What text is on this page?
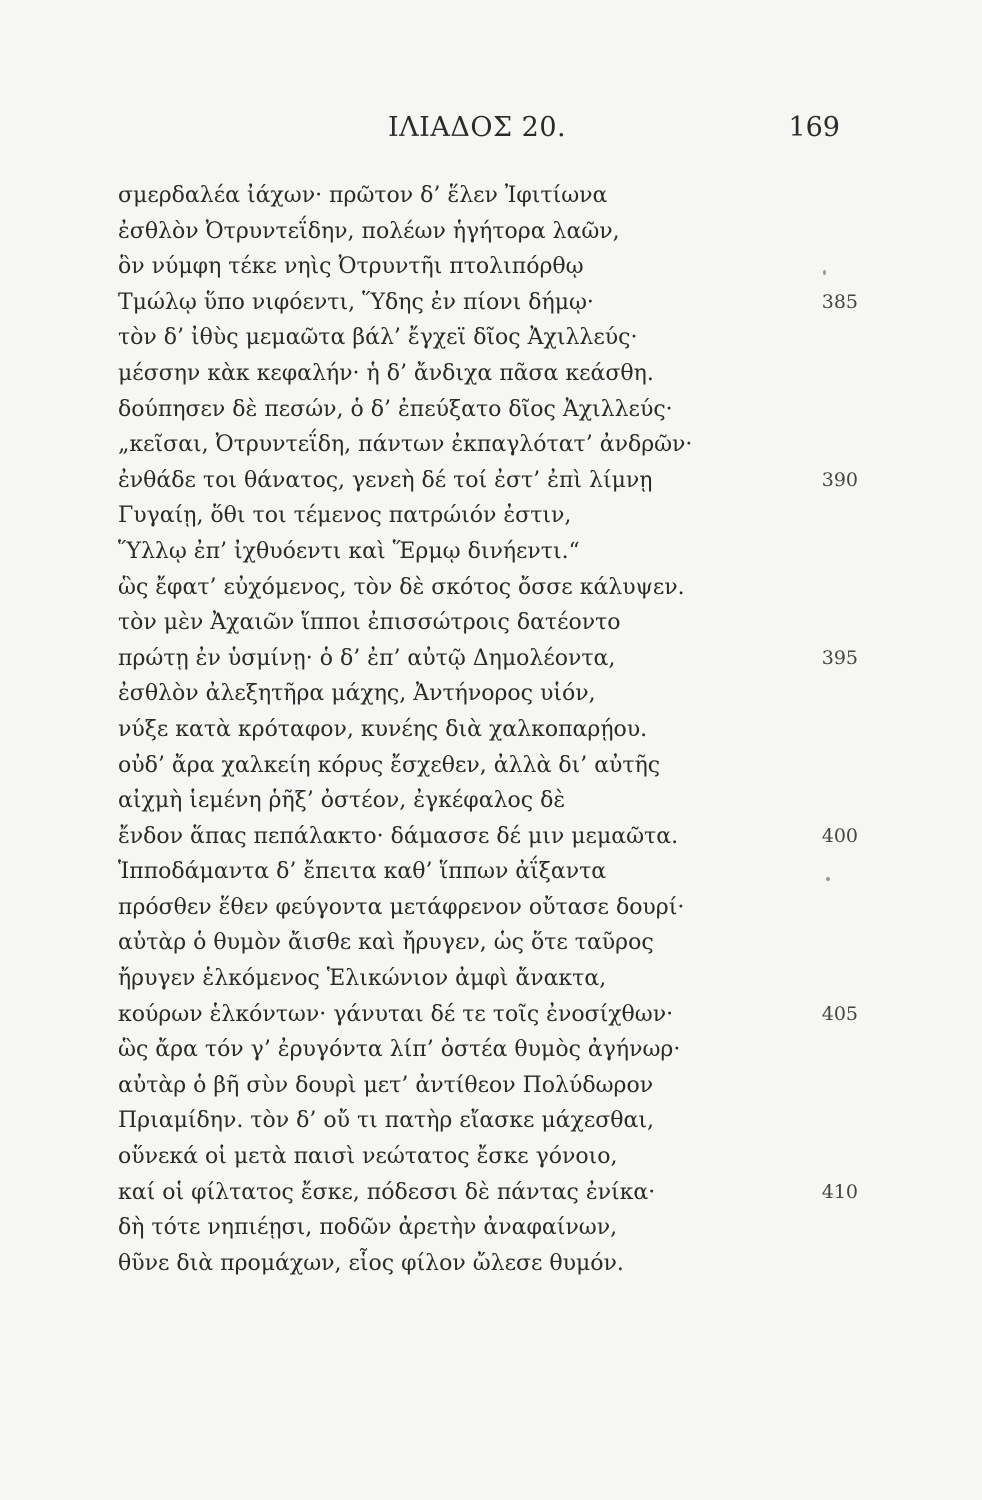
ΙΛΙΑΔΟΣ 20.	169
σμερδαλέα ἰάχων· πρῶτον δ’ ἕλεν Ἰφιτίωνα
ἐσθλὸν Ὀτρυντεΐδην, πολέων ἡγήτορα λαῶν,
ὃν νύμφη τέκε νηὶς Ὀτρυντῆι πτολιπόρθῳ
Τμώλῳ ὕπο νιφόεντι, Ὕδης ἐν πίονι δήμῳ·	385
τὸν δ’ ἰθὺς μεμαῶτα βάλ’ ἔγχεϊ δῖος Ἀχιλλεύς·
μέσσην κὰκ κεφαλήν· ἡ δ’ ἄνδιχα πᾶσα κεάσθη.
δούπησεν δὲ πεσών, ὁ δ’ ἐπεύξατο δῖος Ἀχιλλεύς·
„κεῖσαι, Ὀτρυντεΐδη, πάντων ἐκπαγλότατ’ ἀνδρῶν·
ἐνθάδε τοι θάνατος, γενεὴ δέ τοί ἐστ’ ἐπὶ λίμνῃ	390
Γυγαίῃ, ὅθι τοι τέμενος πατρώιόν ἐστιν,
Ὕλλῳ ἐπ’ ἰχθυόεντι καὶ Ἕρμῳ δινήεντι.“
ὣς ἔφατ’ εὐχόμενος, τὸν δὲ σκότος ὄσσε κάλυψεν.
τὸν μὲν Ἀχαιῶν ἵπποι ἐπισσώτροις δατέοντο
πρώτῃ ἐν ὑσμίνῃ· ὁ δ’ ἐπ’ αὐτῷ Δημολέοντα,	395
ἐσθλὸν ἀλεξητῆρα μάχης, Ἀντήνορος υἱόν,
νύξε κατὰ κρόταφον, κυνέης διὰ χαλκοπαρῄου.
οὐδ’ ἄρα χαλκείη κόρυς ἔσχεθεν, ἀλλὰ δι’ αὐτῆς
αἰχμὴ ἱεμένη ῥῆξ’ ὀστέον, ἐγκέφαλος δὲ
ἔνδον ἅπας πεπάλακτο· δάμασσε δέ μιν μεμαῶτα.	400
Ἱπποδάμαντα δ’ ἔπειτα καθ’ ἵππων ἀΐξαντα
πρόσθεν ἕθεν φεύγοντα μετάφρενον οὔτασε δουρί·
αὐτὰρ ὁ θυμὸν ἄισθε καὶ ἤρυγεν, ὡς ὅτε ταῦρος
ἤρυγεν ἑλκόμενος Ἑλικώνιον ἀμφὶ ἄνακτα,
κούρων ἑλκόντων· γάνυται δέ τε τοῖς ἐνοσίχθων·	405
ὣς ἄρα τόν γ’ ἐρυγόντα λίπ’ ὀστέα θυμὸς ἀγήνωρ·
αὐτὰρ ὁ βῆ σὺν δουρὶ μετ’ ἀντίθεον Πολύδωρον
Πριαμίδην. τὸν δ’ οὔ τι πατὴρ εἴασκε μάχεσθαι,
οὕνεκά οἱ μετὰ παισὶ νεώτατος ἔσκε γόνοιο,
καί οἱ φίλτατος ἔσκε, πόδεσσι δὲ πάντας ἐνίκα·	410
δὴ τότε νηπιέῃσι, ποδῶν ἀρετὴν ἀναφαίνων,
θῦνε διὰ προμάχων, εἷος φίλον ὤλεσε θυμόν.
